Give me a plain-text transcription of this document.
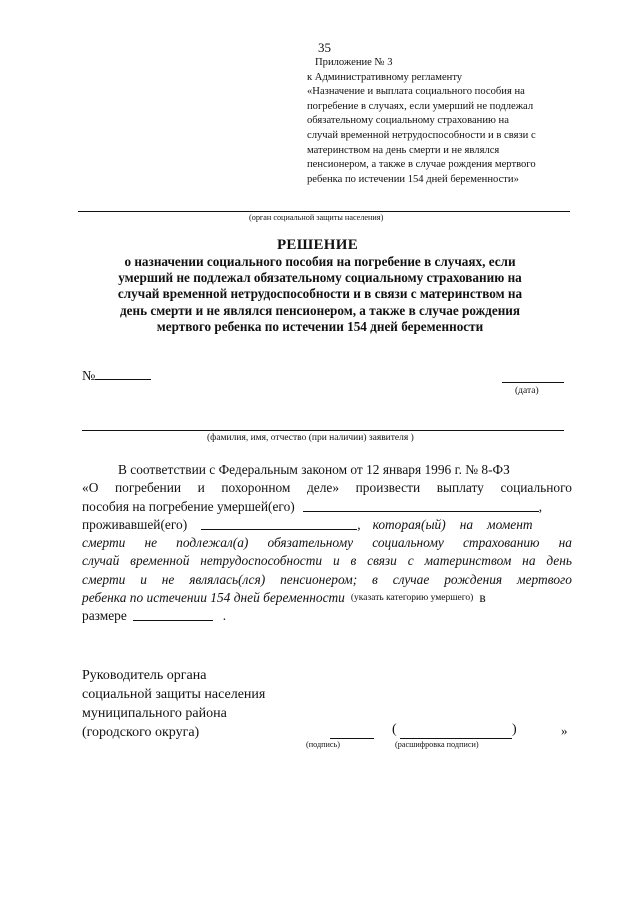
35
Приложение № 3
к Административному регламенту
«Назначение и выплата социального пособия на
погребение в случаях, если умерший не подлежал
обязательному социальному страхованию на
случай временной нетрудоспособности и в связи с
материнством на день смерти и не являлся
пенсионером, а также в случае рождения мертвого
ребенка по истечении 154 дней беременности»
(орган социальной защиты населения)
РЕШЕНИЕ
о назначении социального пособия на погребение в случаях, если
умерший не подлежал обязательному социальному страхованию на
случай временной нетрудоспособности и в связи с материнством на
день смерти и не являлся пенсионером, а также в случае рождения
мертвого ребенка по истечении 154 дней беременности
№
(дата)
(фамилия, имя, отчество (при наличии) заявителя )
В соответствии с Федеральным законом от 12 января 1996 г. № 8-ФЗ
«О погребении и похоронном деле» произвести выплату социального
пособия на погребение умершей(его)	,
проживавшей(его)	, которая(ый) на момент
смерти не подлежал(а) обязательному социальному страхованию на
случай временной нетрудоспособности и в связи с материнством на день
смерти и не являлась(лся) пенсионером; в случае рождения мертвого
ребенка по истечении 154 дней беременности (указать категорию умершего) в
размере	.
Руководитель органа
социальной защиты населения
муниципального района
(городского округа)
(подпись)
(	)
(расшифровка подписи)
»
